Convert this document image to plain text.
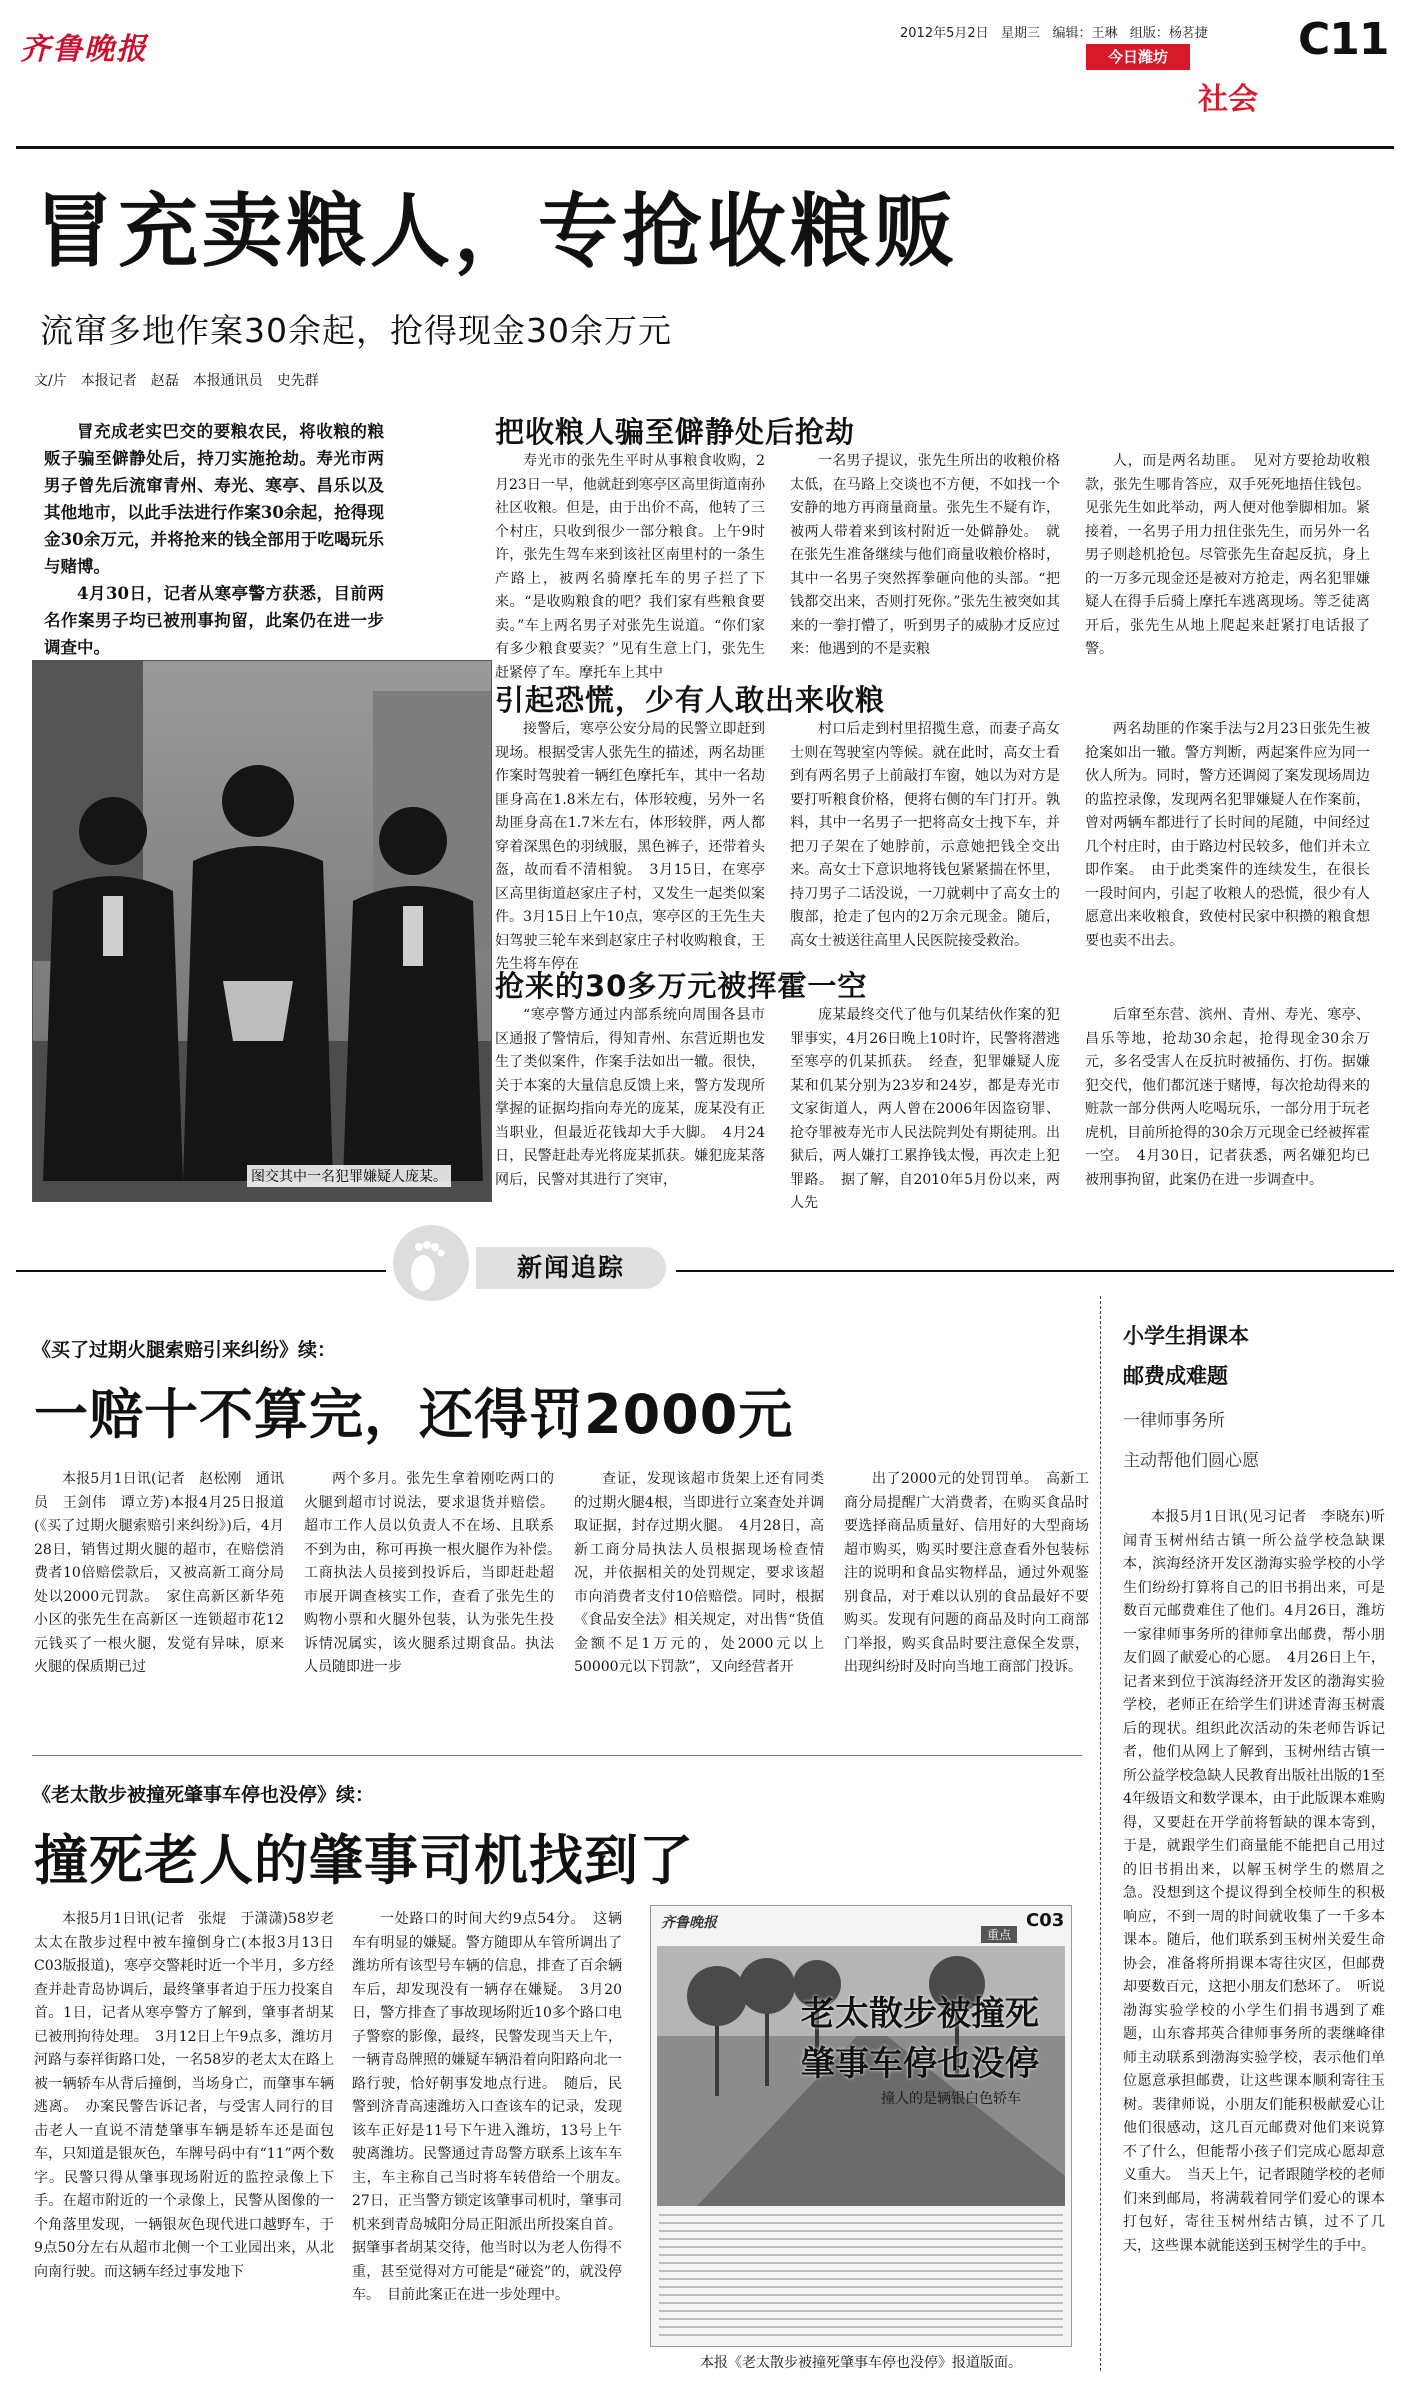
齐鲁晚报	2012年5月2日 星期三 编辑：王琳 组版：杨茗捷 C11
今日潍坊
社会
冒充卖粮人，专抢收粮贩
流窜多地作案30余起，抢得现金30余万元
文/片　本报记者　赵磊　本报通讯员　史先群

冒充成老实巴交的要粮农民，将收粮的粮贩子骗至僻静处后，持刀实施抢劫。寿光市两男子曾先后流窜青州、寿光、寒亭、昌乐以及其他地市，以此手法进行作案30余起，抢得现金30余万元，并将抢来的钱全部用于吃喝玩乐与赌博。

4月30日，记者从寒亭警方获悉，目前两名作案男子均已被刑事拘留，此案仍在进一步调查中。

图交其中一名犯罪嫌疑人庞某。
把收粮人骗至僻静处后抢劫

寿光市的张先生平时从事粮食收购，2月23日一早，他就赶到寒亭区高里街道南孙社区收粮。但是，由于出价不高，他转了三个村庄，只收到很少一部分粮食。上午9时许，张先生驾车来到该社区南里村的一条生产路上，被两名骑摩托车的男子拦了下来。“是收购粮食的吧？我们家有些粮食要卖。”车上两名男子对张先生说道。“你们家有多少粮食要卖？”见有生意上门，张先生赶紧停了车。摩托车上其中

一名男子提议，张先生所出的收粮价格太低，在马路上交谈也不方便，不如找一个安静的地方再商量商量。张先生不疑有诈，被两人带着来到该村附近一处僻静处。　就在张先生准备继续与他们商量收粮价格时，其中一名男子突然挥拳砸向他的头部。“把钱都交出来，否则打死你。”张先生被突如其来的一拳打懵了，听到男子的威胁才反应过来：他遇到的不是卖粮

人，而是两名劫匪。　见对方要抢劫收粮款，张先生哪肯答应，双手死死地捂住钱包。见张先生如此举动，两人便对他拳脚相加。紧接着，一名男子用力扭住张先生，而另外一名男子则趁机抢包。尽管张先生奋起反抗，身上的一万多元现金还是被对方抢走，两名犯罪嫌疑人在得手后骑上摩托车逃离现场。等乏徒离开后，张先生从地上爬起来赶紧打电话报了警。

引起恐慌，少有人敢出来收粮

接警后，寒亭公安分局的民警立即赶到现场。根据受害人张先生的描述，两名劫匪作案时驾驶着一辆红色摩托车，其中一名劫匪身高在1.8米左右，体形较瘦，另外一名劫匪身高在1.7米左右，体形较胖，两人都穿着深黑色的羽绒服，黑色裤子，还带着头盔，故而看不清相貌。　3月15日，在寒亭区高里街道赵家庄子村，又发生一起类似案件。3月15日上午10点，寒亭区的王先生夫妇驾驶三轮车来到赵家庄子村收购粮食，王先生将车停在

村口后走到村里招揽生意，而妻子高女士则在驾驶室内等候。就在此时，高女士看到有两名男子上前敲打车窗，她以为对方是要打听粮食价格，便将右侧的车门打开。孰料，其中一名男子一把将高女士拽下车，并把刀子架在了她脖前，示意她把钱全交出来。高女士下意识地将钱包紧紧揣在怀里，持刀男子二话没说，一刀就刺中了高女士的腹部，抢走了包内的2万余元现金。随后，高女士被送往高里人民医院接受救治。

两名劫匪的作案手法与2月23日张先生被抢案如出一辙。警方判断，两起案件应为同一伙人所为。同时，警方还调阅了案发现场周边的监控录像，发现两名犯罪嫌疑人在作案前，曾对两辆车都进行了长时间的尾随，中间经过几个村庄时，由于路边村民较多，他们并未立即作案。　由于此类案件的连续发生，在很长一段时间内，引起了收粮人的恐慌，很少有人愿意出来收粮食，致使村民家中积攒的粮食想要也卖不出去。

抢来的30多万元被挥霍一空

“寒亭警方通过内部系统向周围各县市区通报了警情后，得知青州、东营近期也发生了类似案件，作案手法如出一辙。很快，关于本案的大量信息反馈上来，警方发现所掌握的证据均指向寿光的庞某，庞某没有正当职业，但最近花钱却大手大脚。　4月24日，民警赶赴寿光将庞某抓获。嫌犯庞某落网后，民警对其进行了突审，

庞某最终交代了他与仉某结伙作案的犯罪事实，4月26日晚上10时许，民警将潜逃至寒亭的仉某抓获。　经查，犯罪嫌疑人庞某和仉某分别为23岁和24岁，都是寿光市文家街道人，两人曾在2006年因盗窃罪、抢夺罪被寿光市人民法院判处有期徒刑。出狱后，两人嫌打工累挣钱太慢，再次走上犯罪路。　据了解，自2010年5月份以来，两人先

后窜至东营、滨州、青州、寿光、寒亭、昌乐等地，抢劫30余起，抢得现金30余万元，多名受害人在反抗时被捅伤、打伤。据嫌犯交代，他们都沉迷于赌博，每次抢劫得来的赃款一部分供两人吃喝玩乐，一部分用于玩老虎机，目前所抢得的30余万元现金已经被挥霍一空。　4月30日，记者获悉，两名嫌犯均已被刑事拘留，此案仍在进一步调查中。

新闻追踪
《买了过期火腿索赔引来纠纷》续：
一赔十不算完，还得罚2000元

本报5月1日讯(记者　赵松刚　通讯员　王剑伟　谭立芳)本报4月25日报道(《买了过期火腿索赔引来纠纷》)后，4月28日，销售过期火腿的超市，在赔偿消费者10倍赔偿款后，又被高新工商分局处以2000元罚款。　家住高新区新华苑小区的张先生在高新区一连锁超市花12元钱买了一根火腿，发觉有异味，原来火腿的保质期已过

两个多月。张先生拿着刚吃两口的火腿到超市讨说法，要求退货并赔偿。超市工作人员以负责人不在场、且联系不到为由，称可再换一根火腿作为补偿。　工商执法人员接到投诉后，当即赶赴超市展开调查核实工作，查看了张先生的购物小票和火腿外包装，认为张先生投诉情况属实，该火腿系过期食品。执法人员随即进一步

查证，发现该超市货架上还有同类的过期火腿4根，当即进行立案查处并调取证据，封存过期火腿。　4月28日，高新工商分局执法人员根据现场检查情况，并依据相关的处罚规定，要求该超市向消费者支付10倍赔偿。同时，根据《食品安全法》相关规定，对出售“货值金额不足1万元的，处2000元以上50000元以下罚款”，又向经营者开

出了2000元的处罚罚单。　高新工商分局提醒广大消费者，在购买食品时要选择商品质量好、信用好的大型商场超市购买，购买时要注意查看外包装标注的说明和食品实物样品，通过外观鉴别食品，对于难以认别的食品最好不要购买。发现有问题的商品及时向工商部门举报，购买食品时要注意保全发票，出现纠纷时及时向当地工商部门投诉。

《老太散步被撞死肇事车停也没停》续：
撞死老人的肇事司机找到了

本报5月1日讯(记者　张焜　于潇潇)58岁老太太在散步过程中被车撞倒身亡(本报3月13日C03版报道)，寒亭交警耗时近一个半月，多方经查并赴青岛协调后，最终肇事者迫于压力投案自首。1日，记者从寒亭警方了解到，肇事者胡某已被刑拘待处理。　3月12日上午9点多，潍坊月河路与泰祥街路口处，一名58岁的老太太在路上被一辆轿车从背后撞倒，当场身亡，而肇事车辆逃离。　办案民警告诉记者，与受害人同行的目击老人一直说不清楚肇事车辆是轿车还是面包车，只知道是银灰色，车牌号码中有“11”两个数字。民警只得从肇事现场附近的监控录像上下手。在超市附近的一个录像上，民警从图像的一个角落里发现，一辆银灰色现代进口越野车，于9点50分左右从超市北侧一个工业园出来，从北向南行驶。而这辆车经过事发地下

一处路口的时间大约9点54分。　这辆车有明显的嫌疑。警方随即从车管所调出了潍坊所有该型号车辆的信息，排查了百余辆车后，却发现没有一辆存在嫌疑。　3月20日，警方排查了事故现场附近10多个路口电子警察的影像，最终，民警发现当天上午，一辆青岛牌照的嫌疑车辆沿着向阳路向北一路行驶，恰好朝事发地点行进。　随后，民警到济青高速潍坊入口查该车的记录，发现该车正好是11号下午进入潍坊，13号上午驶离潍坊。民警通过青岛警方联系上该车车主，车主称自己当时将车转借给一个朋友。　27日，正当警方锁定该肇事司机时，肇事司机来到青岛城阳分局正阳派出所投案自首。据肇事者胡某交待，他当时以为老人伤得不重，甚至觉得对方可能是“碰瓷”的，就没停车。　目前此案正在进一步处理中。

齐鲁晚报
重点
C03
老太散步被撞死
肇事车停也没停
撞人的是辆银白色轿车
本报《老太散步被撞死肇事车停也没停》报道版面。
小学生捐课本
邮费成难题
一律师事务所
主动帮他们圆心愿

本报5月1日讯(见习记者　李晓东)听闻青玉树州结古镇一所公益学校急缺课本，滨海经济开发区渤海实验学校的小学生们纷纷打算将自己的旧书捐出来，可是数百元邮费难住了他们。4月26日，潍坊一家律师事务所的律师拿出邮费，帮小朋友们圆了献爱心的心愿。　4月26日上午，记者来到位于滨海经济开发区的渤海实验学校，老师正在给学生们讲述青海玉树震后的现状。组织此次活动的朱老师告诉记者，他们从网上了解到，玉树州结古镇一所公益学校急缺人民教育出版社出版的1至4年级语文和数学课本，由于此版课本难购得，又要赶在开学前将暂缺的课本寄到，于是，就跟学生们商量能不能把自己用过的旧书捐出来，以解玉树学生的燃眉之急。没想到这个提议得到全校师生的积极响应，不到一周的时间就收集了一千多本课本。随后，他们联系到玉树州关爱生命协会，准备将所捐课本寄往灾区，但邮费却要数百元，这把小朋友们愁坏了。　听说渤海实验学校的小学生们捐书遇到了难题，山东睿邦英合律师事务所的裴继峰律师主动联系到渤海实验学校，表示他们单位愿意承担邮费，让这些课本顺利寄往玉树。裴律师说，小朋友们能积极献爱心让他们很感动，这几百元邮费对他们来说算不了什么，但能帮小孩子们完成心愿却意义重大。　当天上午，记者跟随学校的老师们来到邮局，将满载着同学们爱心的课本打包好，寄往玉树州结古镇，过不了几天，这些课本就能送到玉树学生的手中。
